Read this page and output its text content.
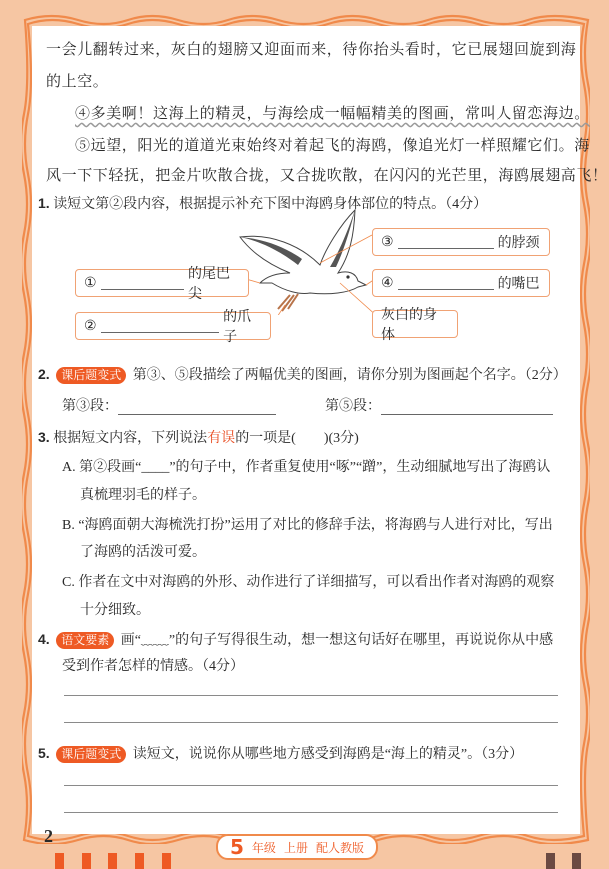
一会儿翻转过来，灰白的翅膀又迎面而来，待你抬头看时，它已展翅回旋到海
的上空。
④多美啊！这海上的精灵，与海绘成一幅幅精美的图画，常叫人留恋海边。
⑤远望，阳光的道道光束始终对着起飞的海鸥，像追光灯一样照耀它们。海
风一下下轻抚，把金片吹散合拢，又合拢吹散，在闪闪的光芒里，海鸥展翅高飞！
1. 读短文第②段内容，根据提示补充下图中海鸥身体部位的特点。（4分）
①
的尾巴尖
②
的爪子
③	的脖颈
④	的嘴巴
灰白的身体
2. 课后题变式 第③、⑤段描绘了两幅优美的图画，请你分别为图画起个名字。（2分）
第③段：	第⑤段：
3. 根据短文内容，下列说法有误的一项是(　　)(3分)
A. 第②段画“____”的句子中，作者重复使用“啄”“蹭”，生动细腻地写出了海鸥认
真梳理羽毛的样子。
B. “海鸥面朝大海梳洗打扮”运用了对比的修辞手法，将海鸥与人进行对比，写出
了海鸥的活泼可爱。
C. 作者在文中对海鸥的外形、动作进行了详细描写，可以看出作者对海鸥的观察
十分细致。
4. 语文要素 画“﹏﹏”的句子写得很生动，想一想这句话好在哪里，再说说你从中感
受到作者怎样的情感。（4分）
5. 课后题变式 读短文，说说你从哪些地方感受到海鸥是“海上的精灵”。（3分）
2	5 年级 上册 配人教版
